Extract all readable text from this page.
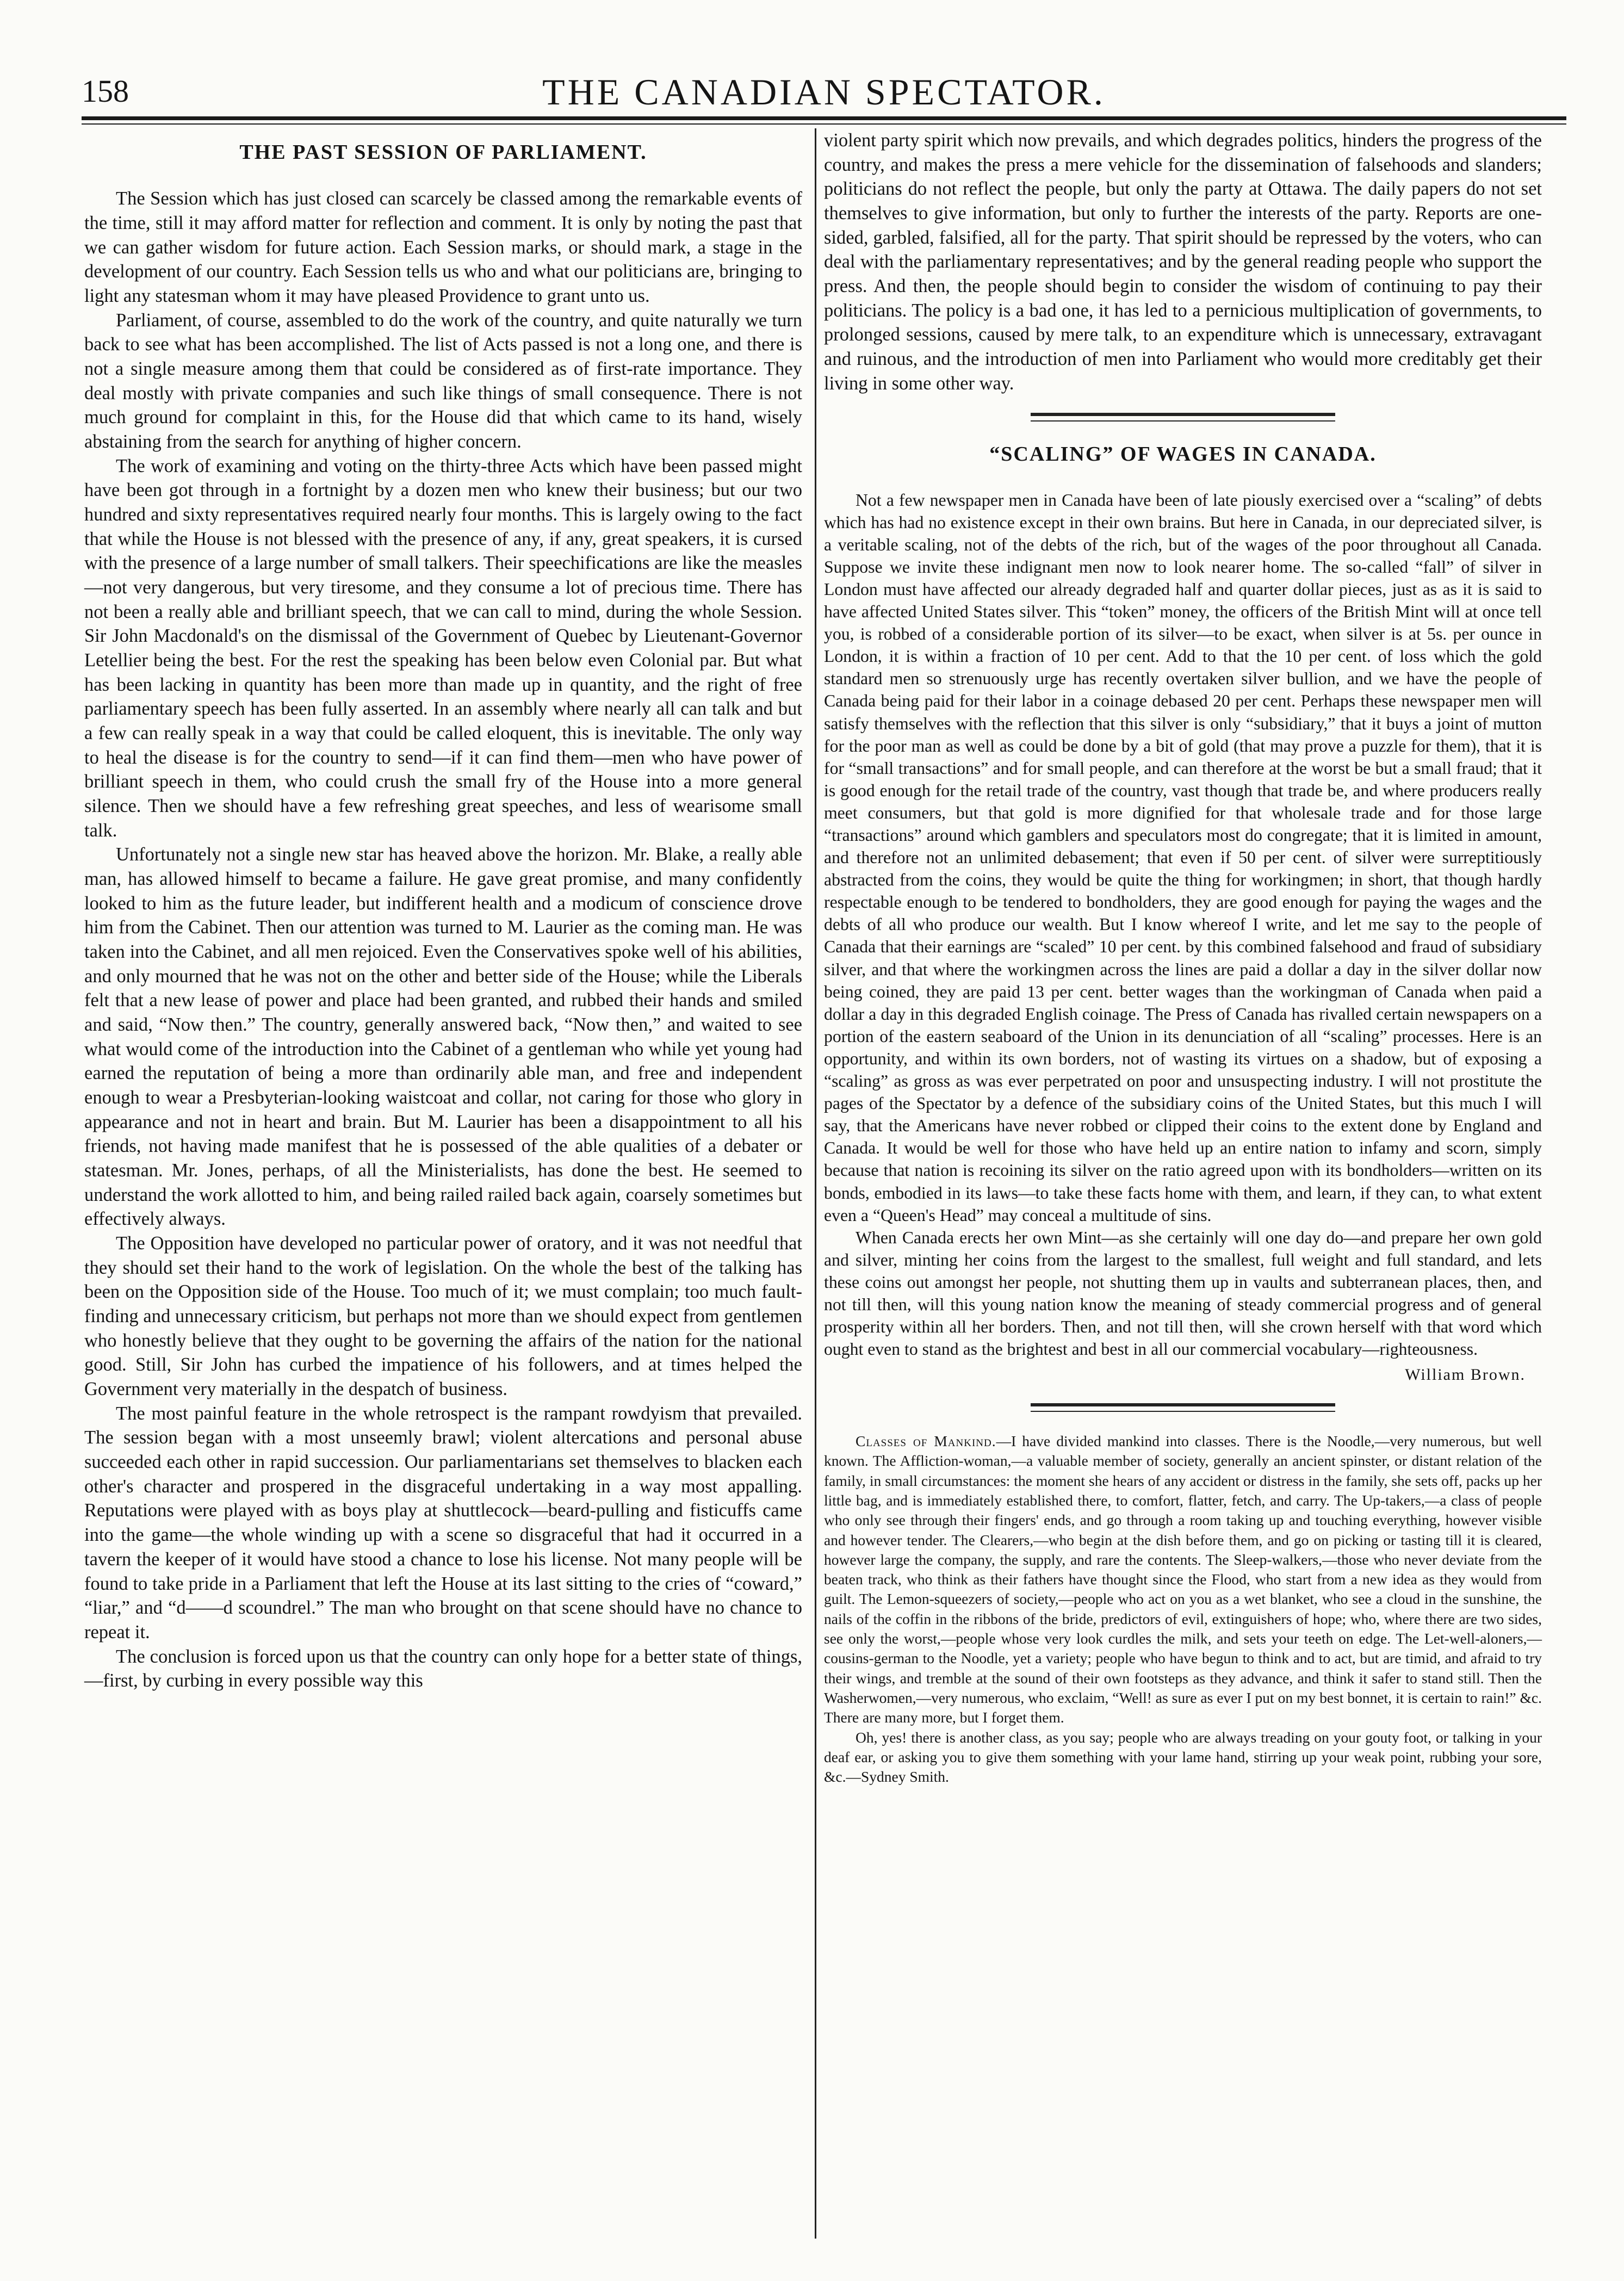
158	THE CANADIAN SPECTATOR.
THE PAST SESSION OF PARLIAMENT.

The Session which has just closed can scarcely be classed among the remarkable events of the time, still it may afford matter for reflection and comment. It is only by noting the past that we can gather wisdom for future action. Each Session marks, or should mark, a stage in the development of our country. Each Session tells us who and what our politicians are, bringing to light any statesman whom it may have pleased Providence to grant unto us.

Parliament, of course, assembled to do the work of the country, and quite naturally we turn back to see what has been accomplished. The list of Acts passed is not a long one, and there is not a single measure among them that could be considered as of first-rate importance. They deal mostly with private companies and such like things of small consequence. There is not much ground for complaint in this, for the House did that which came to its hand, wisely abstaining from the search for anything of higher concern.

The work of examining and voting on the thirty-three Acts which have been passed might have been got through in a fortnight by a dozen men who knew their business; but our two hundred and sixty representatives required nearly four months. This is largely owing to the fact that while the House is not blessed with the presence of any, if any, great speakers, it is cursed with the presence of a large number of small talkers. Their speechifications are like the measles—not very dangerous, but very tiresome, and they consume a lot of precious time. There has not been a really able and brilliant speech, that we can call to mind, during the whole Session. Sir John Macdonald's on the dismissal of the Government of Quebec by Lieutenant-Governor Letellier being the best. For the rest the speaking has been below even Colonial par. But what has been lacking in quantity has been more than made up in quantity, and the right of free parliamentary speech has been fully asserted. In an assembly where nearly all can talk and but a few can really speak in a way that could be called eloquent, this is inevitable. The only way to heal the disease is for the country to send—if it can find them—men who have power of brilliant speech in them, who could crush the small fry of the House into a more general silence. Then we should have a few refreshing great speeches, and less of wearisome small talk.

Unfortunately not a single new star has heaved above the horizon. Mr. Blake, a really able man, has allowed himself to became a failure. He gave great promise, and many confidently looked to him as the future leader, but indifferent health and a modicum of conscience drove him from the Cabinet. Then our attention was turned to M. Laurier as the coming man. He was taken into the Cabinet, and all men rejoiced. Even the Conservatives spoke well of his abilities, and only mourned that he was not on the other and better side of the House; while the Liberals felt that a new lease of power and place had been granted, and rubbed their hands and smiled and said, “Now then.” The country, generally answered back, “Now then,” and waited to see what would come of the introduction into the Cabinet of a gentleman who while yet young had earned the reputation of being a more than ordinarily able man, and free and independent enough to wear a Presbyterian-looking waistcoat and collar, not caring for those who glory in appearance and not in heart and brain. But M. Laurier has been a disappointment to all his friends, not having made manifest that he is possessed of the able qualities of a debater or statesman. Mr. Jones, perhaps, of all the Ministerialists, has done the best. He seemed to understand the work allotted to him, and being railed railed back again, coarsely sometimes but effectively always.

The Opposition have developed no particular power of oratory, and it was not needful that they should set their hand to the work of legislation. On the whole the best of the talking has been on the Opposition side of the House. Too much of it; we must complain; too much fault-finding and unnecessary criticism, but perhaps not more than we should expect from gentlemen who honestly believe that they ought to be governing the affairs of the nation for the national good. Still, Sir John has curbed the impatience of his followers, and at times helped the Government very materially in the despatch of business.

The most painful feature in the whole retrospect is the rampant rowdyism that prevailed. The session began with a most unseemly brawl; violent altercations and personal abuse succeeded each other in rapid succession. Our parliamentarians set themselves to blacken each other's character and prospered in the disgraceful undertaking in a way most appalling. Reputations were played with as boys play at shuttlecock—beard-pulling and fisticuffs came into the game—the whole winding up with a scene so disgraceful that had it occurred in a tavern the keeper of it would have stood a chance to lose his license. Not many people will be found to take pride in a Parliament that left the House at its last sitting to the cries of “coward,” “liar,” and “d——d scoundrel.” The man who brought on that scene should have no chance to repeat it.

The conclusion is forced upon us that the country can only hope for a better state of things,—first, by curbing in every possible way this

violent party spirit which now prevails, and which degrades politics, hinders the progress of the country, and makes the press a mere vehicle for the dissemination of falsehoods and slanders; politicians do not reflect the people, but only the party at Ottawa. The daily papers do not set themselves to give information, but only to further the interests of the party. Reports are one-sided, garbled, falsified, all for the party. That spirit should be repressed by the voters, who can deal with the parliamentary representatives; and by the general reading people who support the press. And then, the people should begin to consider the wisdom of continuing to pay their politicians. The policy is a bad one, it has led to a pernicious multiplication of governments, to prolonged sessions, caused by mere talk, to an expenditure which is unnecessary, extravagant and ruinous, and the introduction of men into Parliament who would more creditably get their living in some other way.

“SCALING” OF WAGES IN CANADA.

Not a few newspaper men in Canada have been of late piously exercised over a “scaling” of debts which has had no existence except in their own brains. But here in Canada, in our depreciated silver, is a veritable scaling, not of the debts of the rich, but of the wages of the poor throughout all Canada. Suppose we invite these indignant men now to look nearer home. The so-called “fall” of silver in London must have affected our already degraded half and quarter dollar pieces, just as as it is said to have affected United States silver. This “token” money, the officers of the British Mint will at once tell you, is robbed of a considerable portion of its silver—to be exact, when silver is at 5s. per ounce in London, it is within a fraction of 10 per cent. Add to that the 10 per cent. of loss which the gold standard men so strenuously urge has recently overtaken silver bullion, and we have the people of Canada being paid for their labor in a coinage debased 20 per cent. Perhaps these newspaper men will satisfy themselves with the reflection that this silver is only “subsidiary,” that it buys a joint of mutton for the poor man as well as could be done by a bit of gold (that may prove a puzzle for them), that it is for “small transactions” and for small people, and can therefore at the worst be but a small fraud; that it is good enough for the retail trade of the country, vast though that trade be, and where producers really meet consumers, but that gold is more dignified for that wholesale trade and for those large “transactions” around which gamblers and speculators most do congregate; that it is limited in amount, and therefore not an unlimited debasement; that even if 50 per cent. of silver were surreptitiously abstracted from the coins, they would be quite the thing for workingmen; in short, that though hardly respectable enough to be tendered to bondholders, they are good enough for paying the wages and the debts of all who produce our wealth. But I know whereof I write, and let me say to the people of Canada that their earnings are “scaled” 10 per cent. by this combined falsehood and fraud of subsidiary silver, and that where the workingmen across the lines are paid a dollar a day in the silver dollar now being coined, they are paid 13 per cent. better wages than the workingman of Canada when paid a dollar a day in this degraded English coinage. The Press of Canada has rivalled certain newspapers on a portion of the eastern seaboard of the Union in its denunciation of all “scaling” processes. Here is an opportunity, and within its own borders, not of wasting its virtues on a shadow, but of exposing a “scaling” as gross as was ever perpetrated on poor and unsuspecting industry. I will not prostitute the pages of the Spectator by a defence of the subsidiary coins of the United States, but this much I will say, that the Americans have never robbed or clipped their coins to the extent done by England and Canada. It would be well for those who have held up an entire nation to infamy and scorn, simply because that nation is recoining its silver on the ratio agreed upon with its bondholders—written on its bonds, embodied in its laws—to take these facts home with them, and learn, if they can, to what extent even a “Queen's Head” may conceal a multitude of sins.

When Canada erects her own Mint—as she certainly will one day do—and prepare her own gold and silver, minting her coins from the largest to the smallest, full weight and full standard, and lets these coins out amongst her people, not shutting them up in vaults and subterranean places, then, and not till then, will this young nation know the meaning of steady commercial progress and of general prosperity within all her borders. Then, and not till then, will she crown herself with that word which ought even to stand as the brightest and best in all our commercial vocabulary—righteousness.

William Brown.

Classes of Mankind.—I have divided mankind into classes. There is the Noodle,—very numerous, but well known. The Affliction-woman,—a valuable member of society, generally an ancient spinster, or distant relation of the family, in small circumstances: the moment she hears of any accident or distress in the family, she sets off, packs up her little bag, and is immediately established there, to comfort, flatter, fetch, and carry. The Up-takers,—a class of people who only see through their fingers' ends, and go through a room taking up and touching everything, however visible and however tender. The Clearers,—who begin at the dish before them, and go on picking or tasting till it is cleared, however large the company, the supply, and rare the contents. The Sleep-walkers,—those who never deviate from the beaten track, who think as their fathers have thought since the Flood, who start from a new idea as they would from guilt. The Lemon-squeezers of society,—people who act on you as a wet blanket, who see a cloud in the sunshine, the nails of the coffin in the ribbons of the bride, predictors of evil, extinguishers of hope; who, where there are two sides, see only the worst,—people whose very look curdles the milk, and sets your teeth on edge. The Let-well-aloners,—cousins-german to the Noodle, yet a variety; people who have begun to think and to act, but are timid, and afraid to try their wings, and tremble at the sound of their own footsteps as they advance, and think it safer to stand still. Then the Washerwomen,—very numerous, who exclaim, “Well! as sure as ever I put on my best bonnet, it is certain to rain!” &c. There are many more, but I forget them.

Oh, yes! there is another class, as you say; people who are always treading on your gouty foot, or talking in your deaf ear, or asking you to give them something with your lame hand, stirring up your weak point, rubbing your sore, &c.—Sydney Smith.
